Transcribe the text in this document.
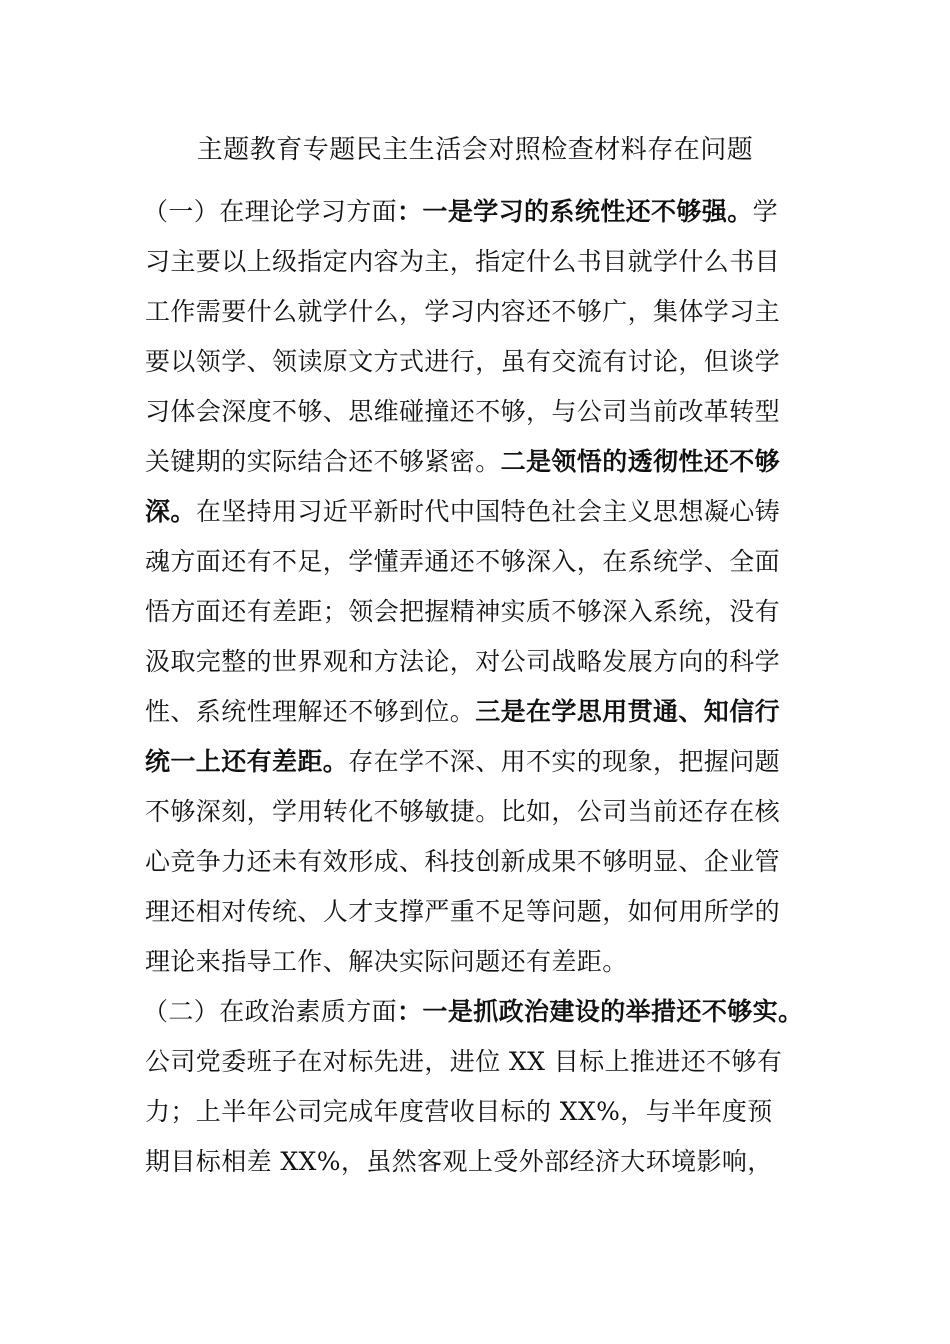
主题教育专题民主生活会对照检查材料存在问题
（一）在理论学习方面：一是学习的系统性还不够强。学
习主要以上级指定内容为主，指定什么书目就学什么书目
工作需要什么就学什么，学习内容还不够广，集体学习主
要以领学、领读原文方式进行，虽有交流有讨论，但谈学
习体会深度不够、思维碰撞还不够，与公司当前改革转型
关键期的实际结合还不够紧密。二是领悟的透彻性还不够
深。在坚持用习近平新时代中国特色社会主义思想凝心铸
魂方面还有不足，学懂弄通还不够深入，在系统学、全面
悟方面还有差距；领会把握精神实质不够深入系统，没有
汲取完整的世界观和方法论，对公司战略发展方向的科学
性、系统性理解还不够到位。三是在学思用贯通、知信行
统一上还有差距。存在学不深、用不实的现象，把握问题
不够深刻，学用转化不够敏捷。比如，公司当前还存在核
心竞争力还未有效形成、科技创新成果不够明显、企业管
理还相对传统、人才支撑严重不足等问题，如何用所学的
理论来指导工作、解决实际问题还有差距。
（二）在政治素质方面：一是抓政治建设的举措还不够实。
公司党委班子在对标先进，进位 XX 目标上推进还不够有
力；上半年公司完成年度营收目标的 XX%，与半年度预
期目标相差 XX%，虽然客观上受外部经济大环境影响，
